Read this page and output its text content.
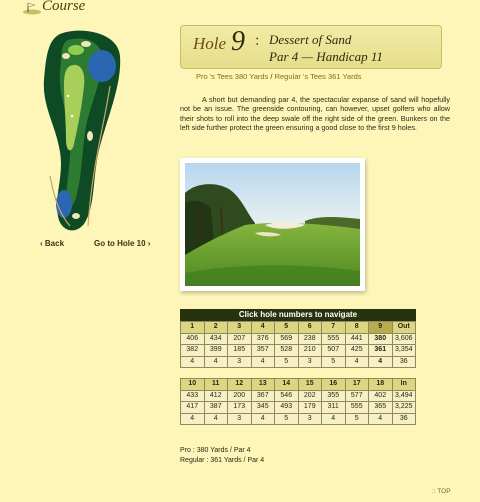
Course
‹ Back	Go to Hole 10 ›
Hole 9 : Dessert of Sand
Par 4 — Handicap 11
Pro 's Tees 380 Yards / Regular 's Tees 361 Yards

A short but demanding par 4, the spectacular expanse of sand will hopefully not be an issue. The greenside contouring, can however, upset golfers who allow their shots to roll into the deep swale off the right side of the green. Bunkers on the left side further protect the green ensuring a good close to the first 9 holes.

Click hole numbers to navigate
1	2	3	4	5	6	7	8	9	Out
406	434	207	376	569	238	555	441	380	3,606
382	399	185	357	528	210	507	425	361	3,354
4	4	3	4	5	3	5	4	4	36
10	11	12	13	14	15	16	17	18	In
433	412	200	367	546	202	355	577	402	3,494
417	387	173	345	493	179	311	555	365	3,225
4	4	3	4	5	3	4	5	4	36
Pro : 380 Yards / Par 4
Regular : 361 Yards / Par 4
:: TOP
